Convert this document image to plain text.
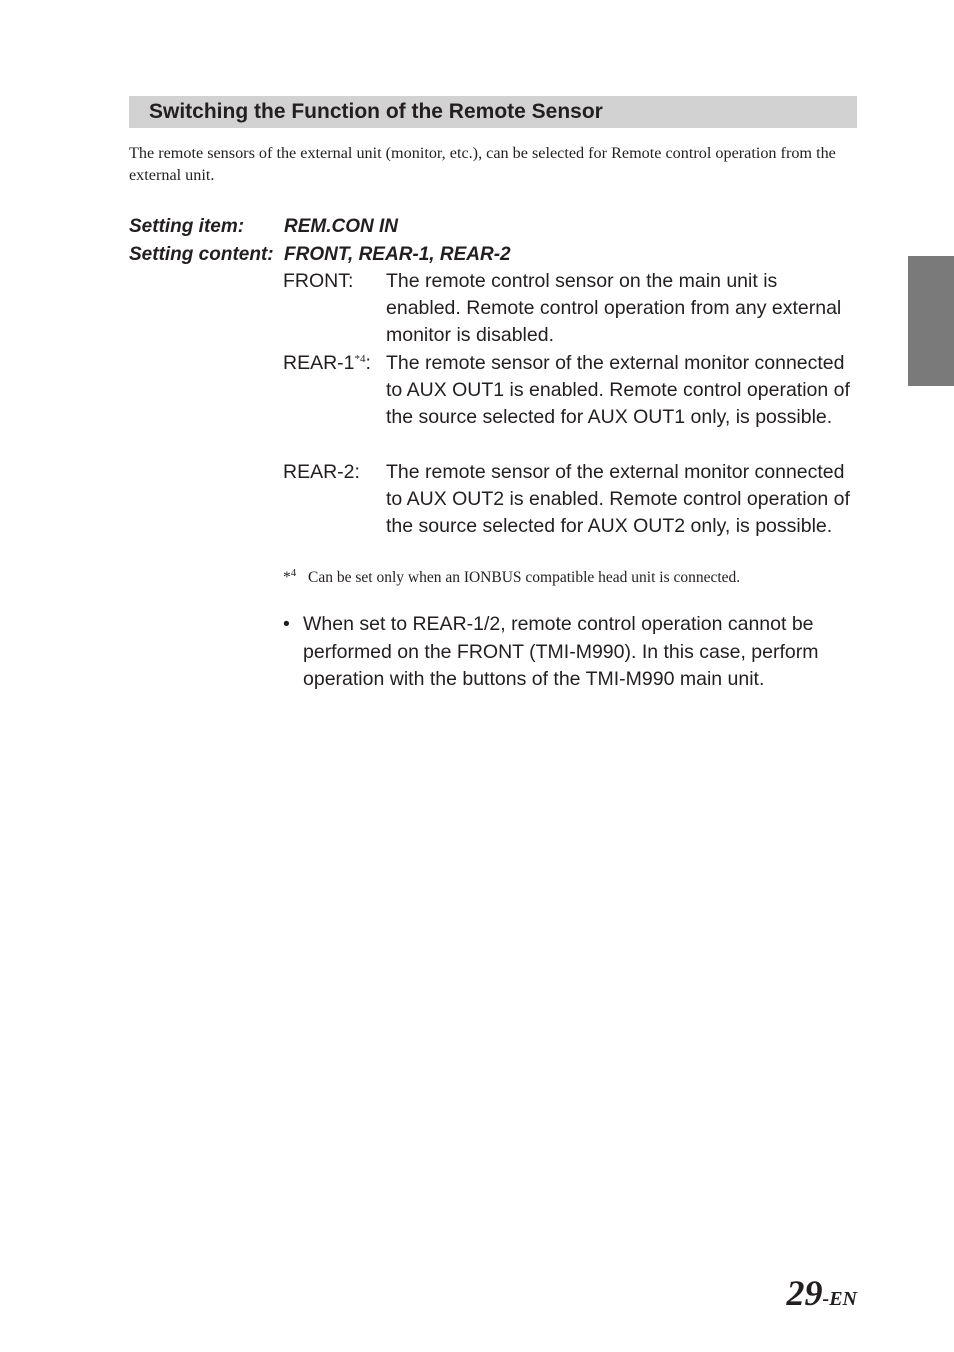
Switching the Function of the Remote Sensor
The remote sensors of the external unit (monitor, etc.), can be selected for Remote control operation from the external unit.
Setting item: REM.CON IN
Setting content: FRONT, REAR-1, REAR-2
FRONT: The remote control sensor on the main unit is enabled. Remote control operation from any external monitor is disabled.
REAR-1$^{*4}$: The remote sensor of the external monitor connected to AUX OUT1 is enabled. Remote control operation of the source selected for AUX OUT1 only, is possible.
REAR-2: The remote sensor of the external monitor connected to AUX OUT2 is enabled. Remote control operation of the source selected for AUX OUT2 only, is possible.
*$^4$ Can be set only when an IONBUS compatible head unit is connected.
• When set to REAR-1/2, remote control operation cannot be performed on the FRONT (TMI-M990). In this case, perform operation with the buttons of the TMI-M990 main unit.
29-EN
